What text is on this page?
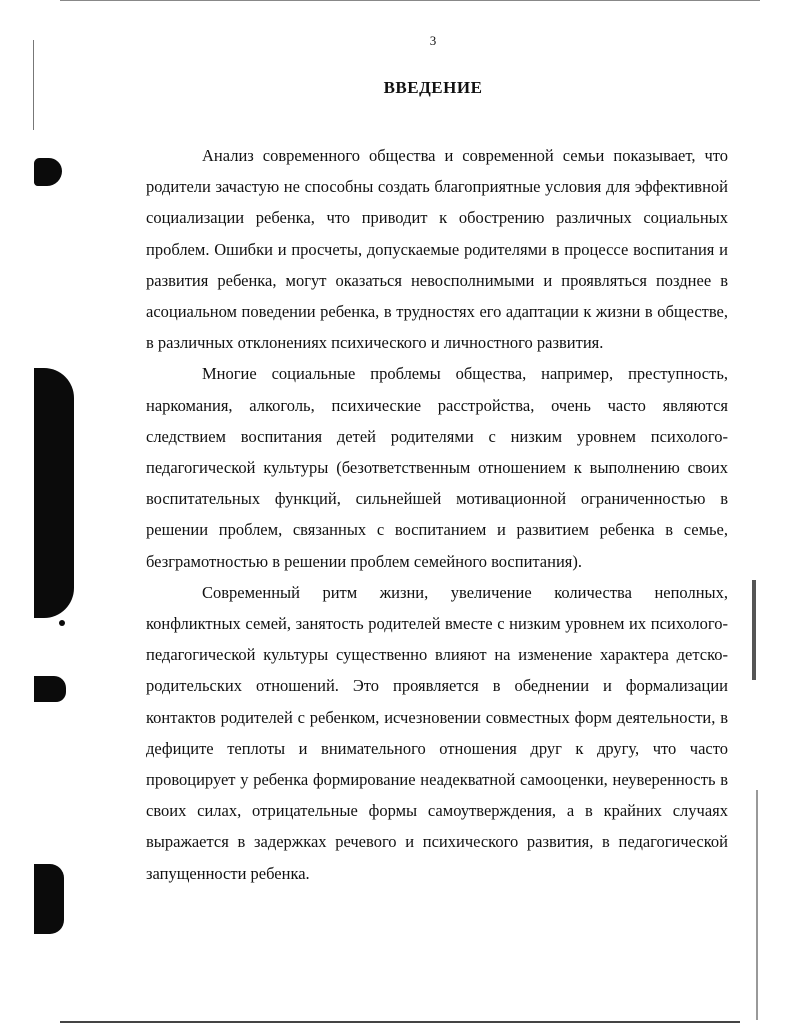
3
ВВЕДЕНИЕ

Анализ современного общества и современной семьи показывает, что родители зачастую не способны создать благоприятные условия для эффективной социализации ребенка, что приводит к обострению различных социальных проблем. Ошибки и просчеты, допускаемые родителями в процессе воспитания и развития ребенка, могут оказаться невосполнимыми и проявляться позднее в асоциальном поведении ребенка, в трудностях его адаптации к жизни в обществе, в различных отклонениях психического и личностного развития.

Многие социальные проблемы общества, например, преступность, наркомания, алкоголь, психические расстройства, очень часто являются следствием воспитания детей родителями с низким уровнем психолого-педагогической культуры (безответственным отношением к выполнению своих воспитательных функций, сильнейшей мотивационной ограниченностью в решении проблем, связанных с воспитанием и развитием ребенка в семье, безграмотностью в решении проблем семейного воспитания).

Современный ритм жизни, увеличение количества неполных, конфликтных семей, занятость родителей вместе с низким уровнем их психолого-педагогической культуры существенно влияют на изменение характера детско-родительских отношений. Это проявляется в обеднении и формализации контактов родителей с ребенком, исчезновении совместных форм деятельности, в дефиците теплоты и внимательного отношения друг к другу, что часто провоцирует у ребенка формирование неадекватной самооценки, неуверенность в своих силах, отрицательные формы самоутверждения, а в крайних случаях выражается в задержках речевого и психического развития, в педагогической запущенности ребенка.
